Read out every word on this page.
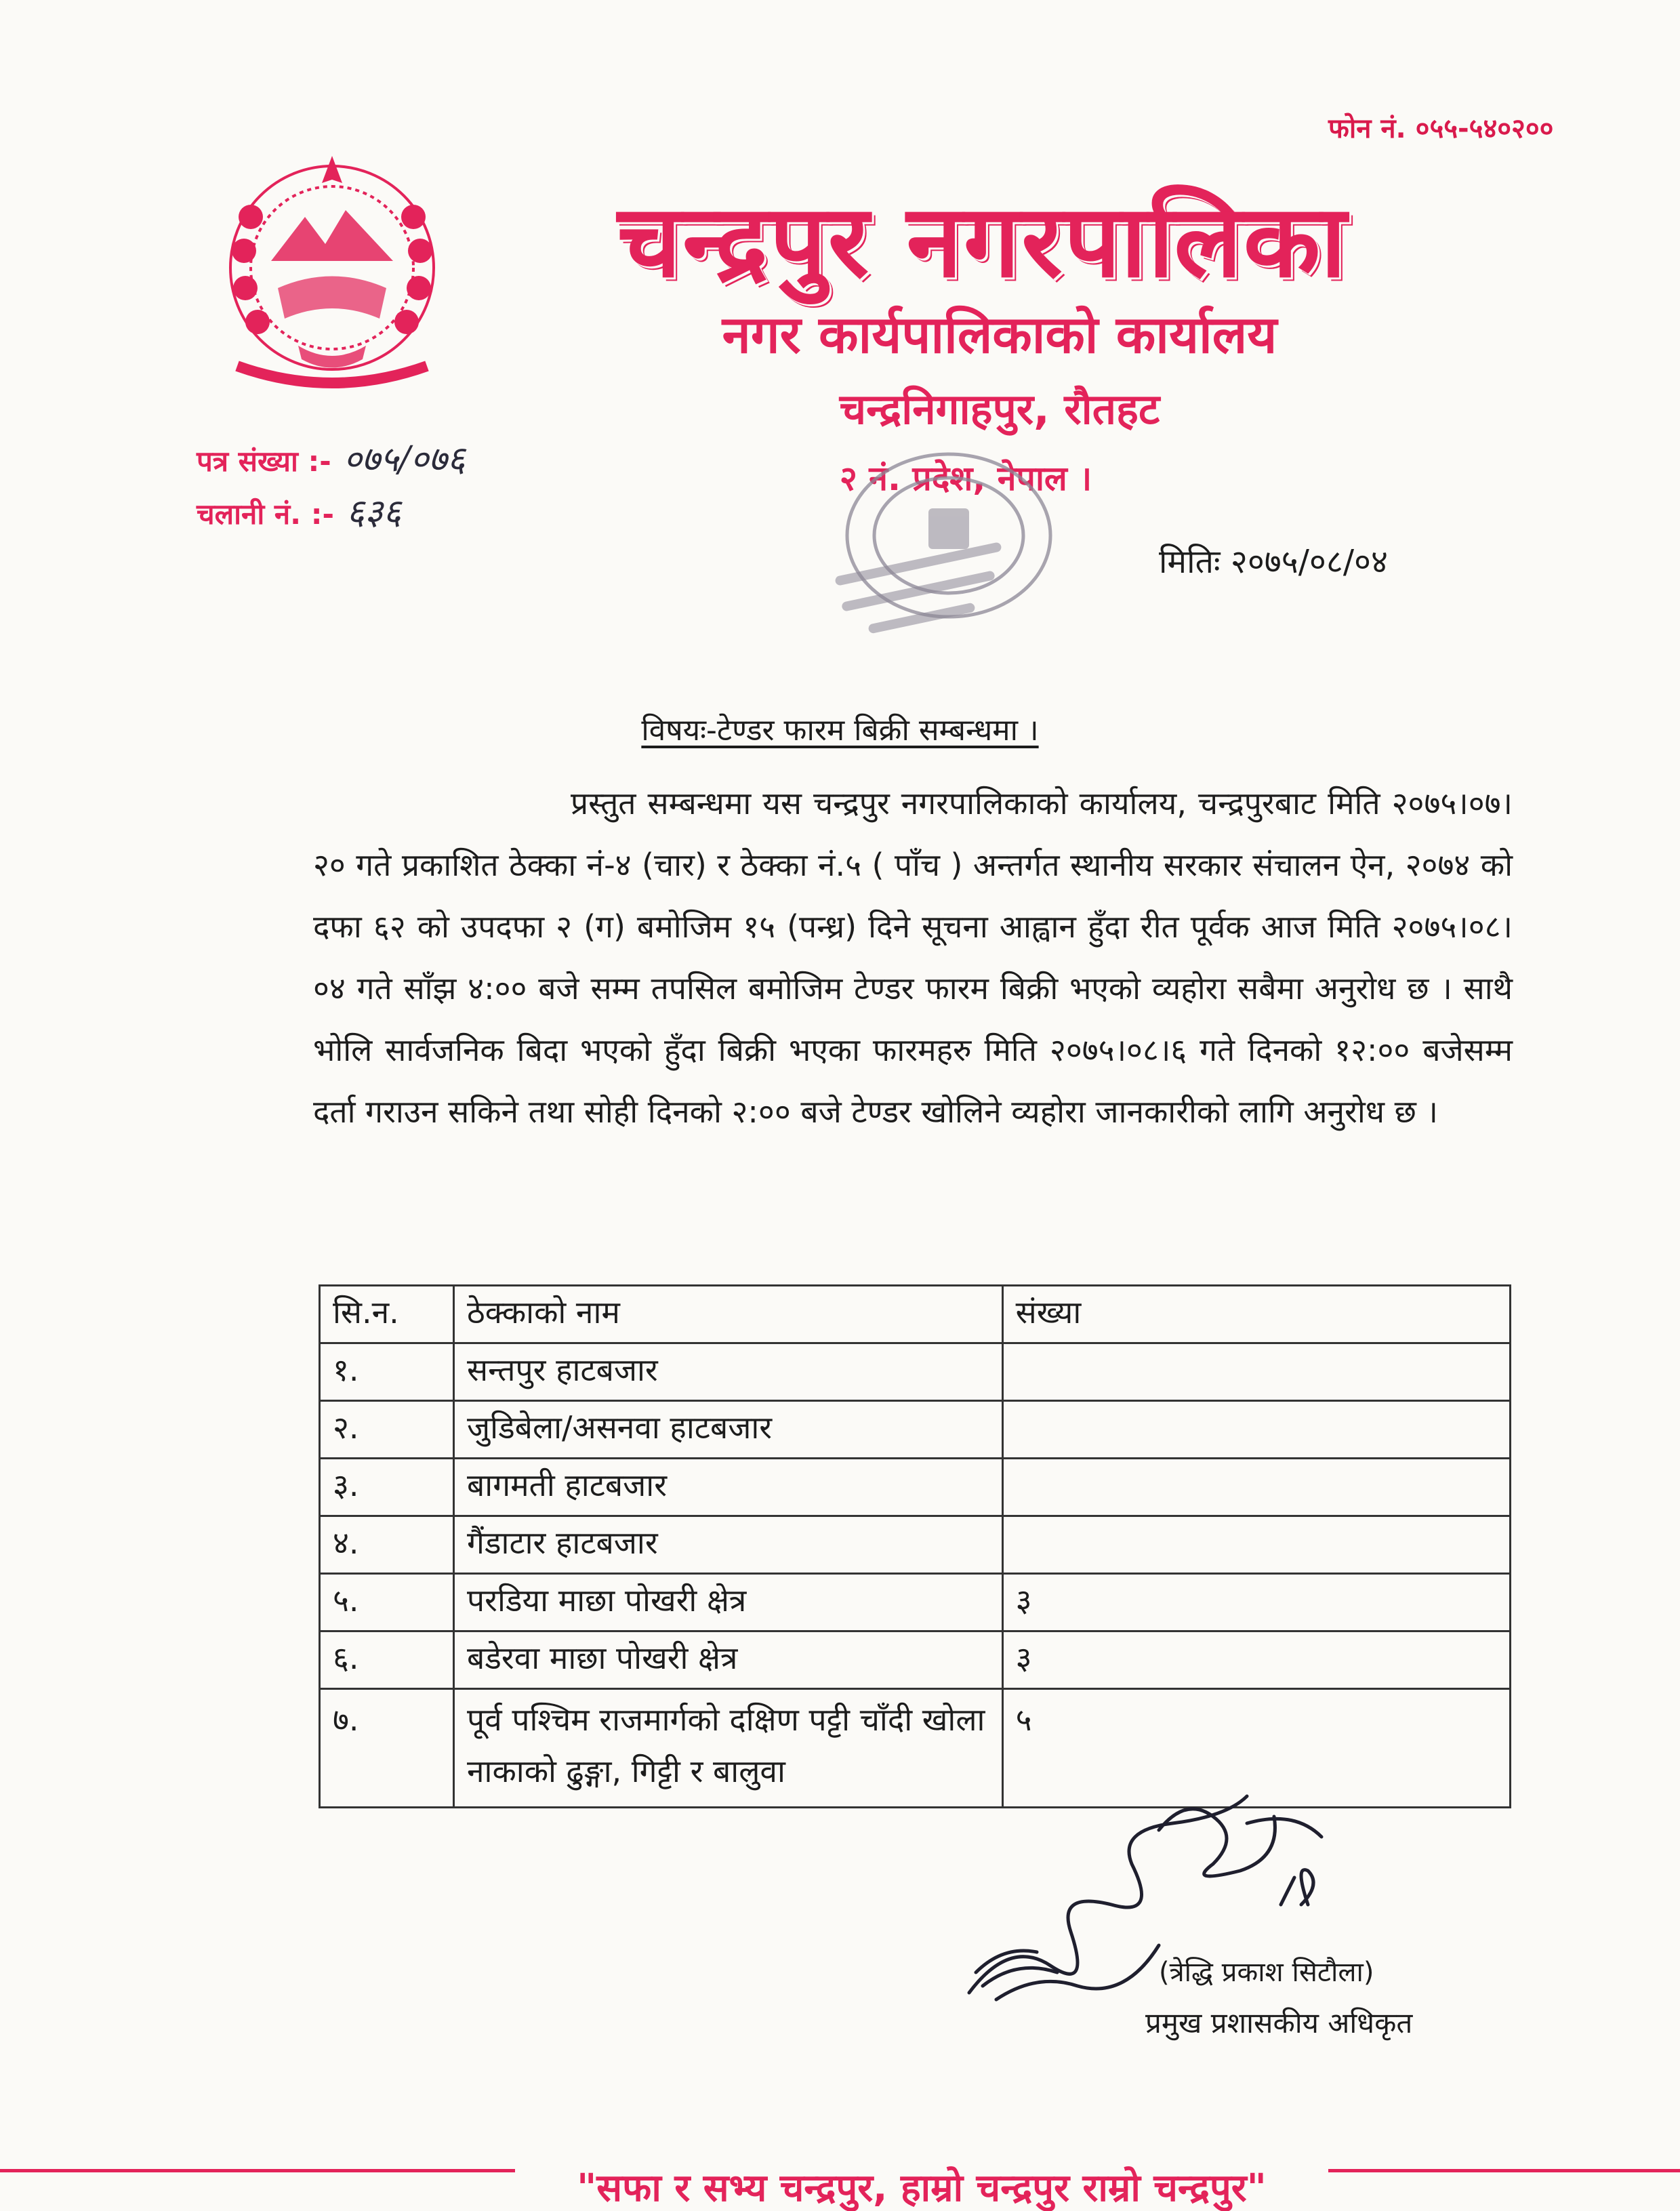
फोन नं. ०५५-५४०२००
चन्द्रपुर नगरपालिका
नगर कार्यपालिकाको कार्यालय
चन्द्रनिगाहपुर, रौतहट
२ नं. प्रदेश, नेपाल ।
पत्र संख्या :- ०७५/०७६
चलानी नं. :- ६३६
मितिः २०७५/०८/०४
विषयः-टेण्डर फारम बिक्री सम्बन्धमा ।
प्रस्तुत सम्बन्धमा यस चन्द्रपुर नगरपालिकाको कार्यालय, चन्द्रपुरबाट मिति २०७५।०७।२० गते प्रकाशित ठेक्का नं-४ (चार) र ठेक्का नं.५ ( पाँच ) अन्तर्गत स्थानीय सरकार संचालन ऐन, २०७४ को दफा ६२ को उपदफा २ (ग) बमोजिम १५ (पन्ध्र) दिने सूचना आह्वान हुँदा रीत पूर्वक आज मिति २०७५।०८।०४ गते साँझ ४:०० बजे सम्म तपसिल बमोजिम टेण्डर फारम बिक्री भएको व्यहोरा सबैमा अनुरोध छ । साथै भोलि सार्वजनिक बिदा भएको हुँदा बिक्री भएका फारमहरु मिति २०७५।०८।६ गते दिनको १२:०० बजेसम्म दर्ता गराउन सकिने तथा सोही दिनको २:०० बजे टेण्डर खोलिने व्यहोरा जानकारीको लागि अनुरोध छ ।
सि.न.	ठेक्काको नाम	संख्या
१.	सन्तपुर हाटबजार	
२.	जुडिबेला/असनवा हाटबजार	
३.	बागमती हाटबजार	
४.	गैंडाटार हाटबजार	
५.	परडिया माछा पोखरी क्षेत्र	३
६.	बडेरवा माछा पोखरी क्षेत्र	३
७.	पूर्व पश्चिम राजमार्गको दक्षिण पट्टी चाँदी खोला नाकाको ढुङ्गा, गिट्टी र बालुवा	५
(त्रेद्धि प्रकाश सिटौला)
प्रमुख प्रशासकीय अधिकृत
"सफा र सभ्य चन्द्रपुर, हाम्रो चन्द्रपुर राम्रो चन्द्रपुर"
